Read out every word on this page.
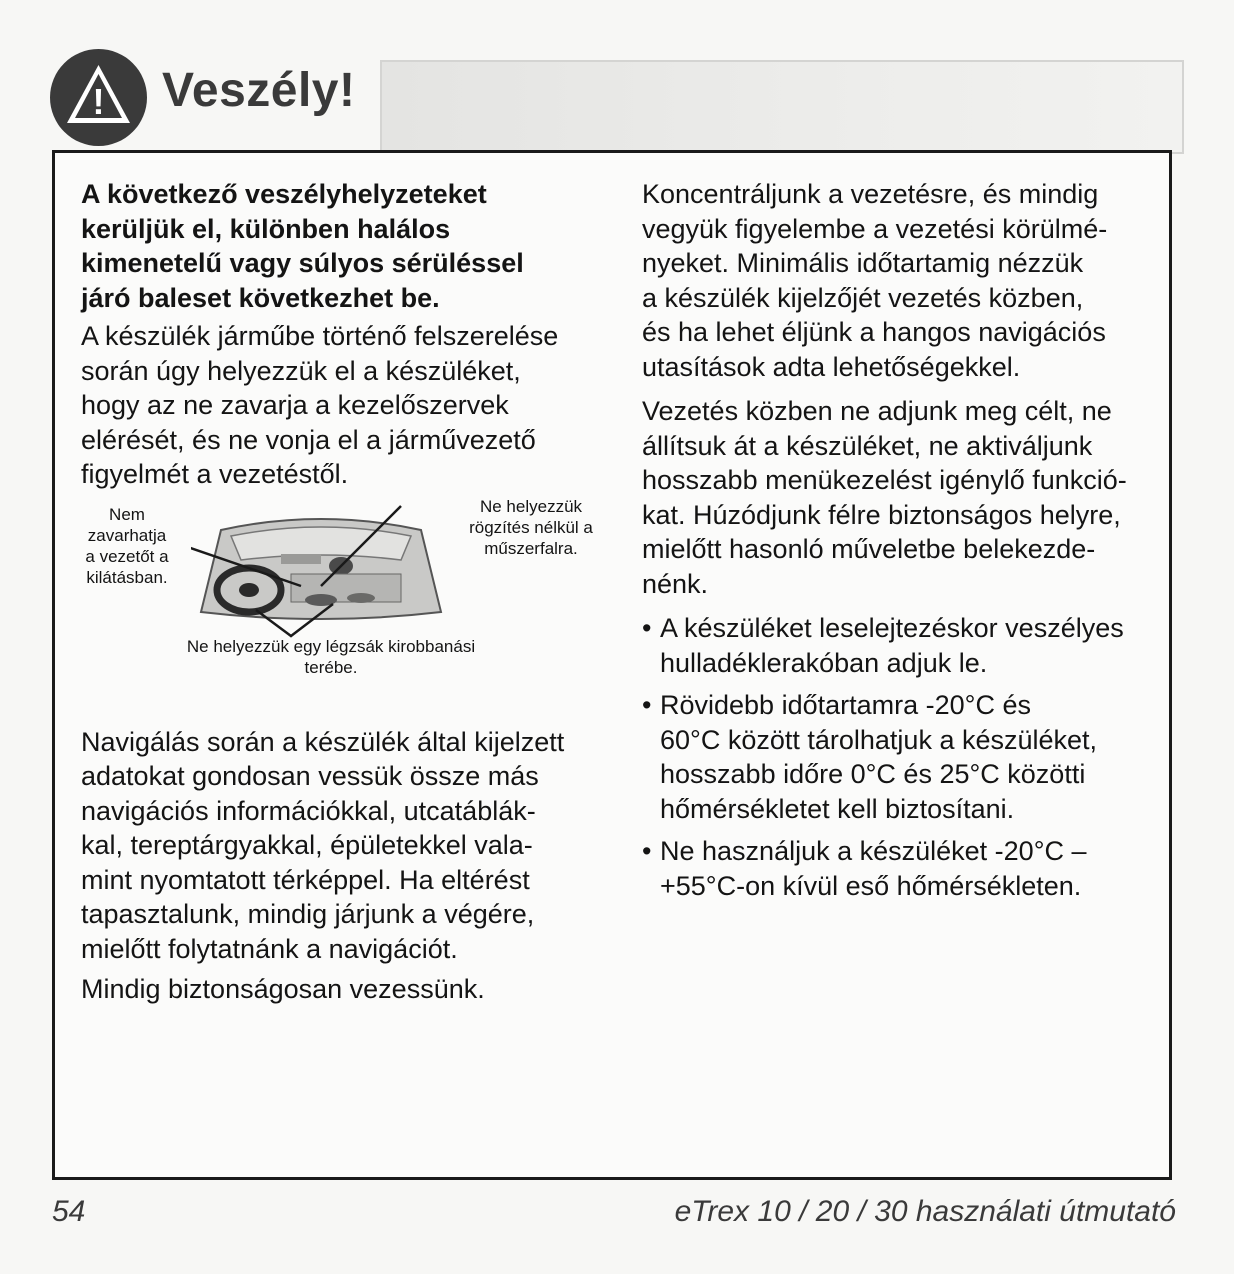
! Veszély!

A következő veszélyhelyzeteket
kerüljük el, különben halálos
kimenetelű vagy súlyos sérüléssel
járó baleset következhet be.

A készülék járműbe történő felszerelése
során úgy helyezzük el a készüléket,
hogy az ne zavarja a kezelőszervek
elérését, és ne vonja el a járművezető
figyelmét a vezetéstől.

Nem
zavarhatja
a vezetőt a
kilátásban.
Ne helyezzük
rögzítés nélkül a
műszerfalra.
Ne helyezzük egy légzsák kirobbanási
terébe.

Navigálás során a készülék által kijelzett
adatokat gondosan vessük össze más
navigációs információkkal, utcatáblák-
kal, tereptárgyakkal, épületekkel vala-
mint nyomtatott térképpel. Ha eltérést
tapasztalunk, mindig járjunk a végére,
mielőtt folytatnánk a navigációt.

Mindig biztonságosan vezessünk.

Koncentráljunk a vezetésre, és mindig
vegyük figyelembe a vezetési körülmé-
nyeket. Minimális időtartamig nézzük
a készülék kijelzőjét vezetés közben,
és ha lehet éljünk a hangos navigációs
utasítások adta lehetőségekkel.

Vezetés közben ne adjunk meg célt, ne
állítsuk át a készüléket, ne aktiváljunk
hosszabb menükezelést igénylő funkció-
kat. Húzódjunk félre biztonságos helyre,
mielőtt hasonló műveletbe belekezde-
nénk.

• A készüléket leselejtezéskor veszélyes
hulladéklerakóban adjuk le.

• Rövidebb időtartamra -20°C és
60°C között tárolhatjuk a készüléket,
hosszabb időre 0°C és 25°C közötti
hőmérsékletet kell biztosítani.

• Ne használjuk a készüléket -20°C –
+55°C-on kívül eső hőmérsékleten.

54	eTrex 10 / 20 / 30 használati útmutató
